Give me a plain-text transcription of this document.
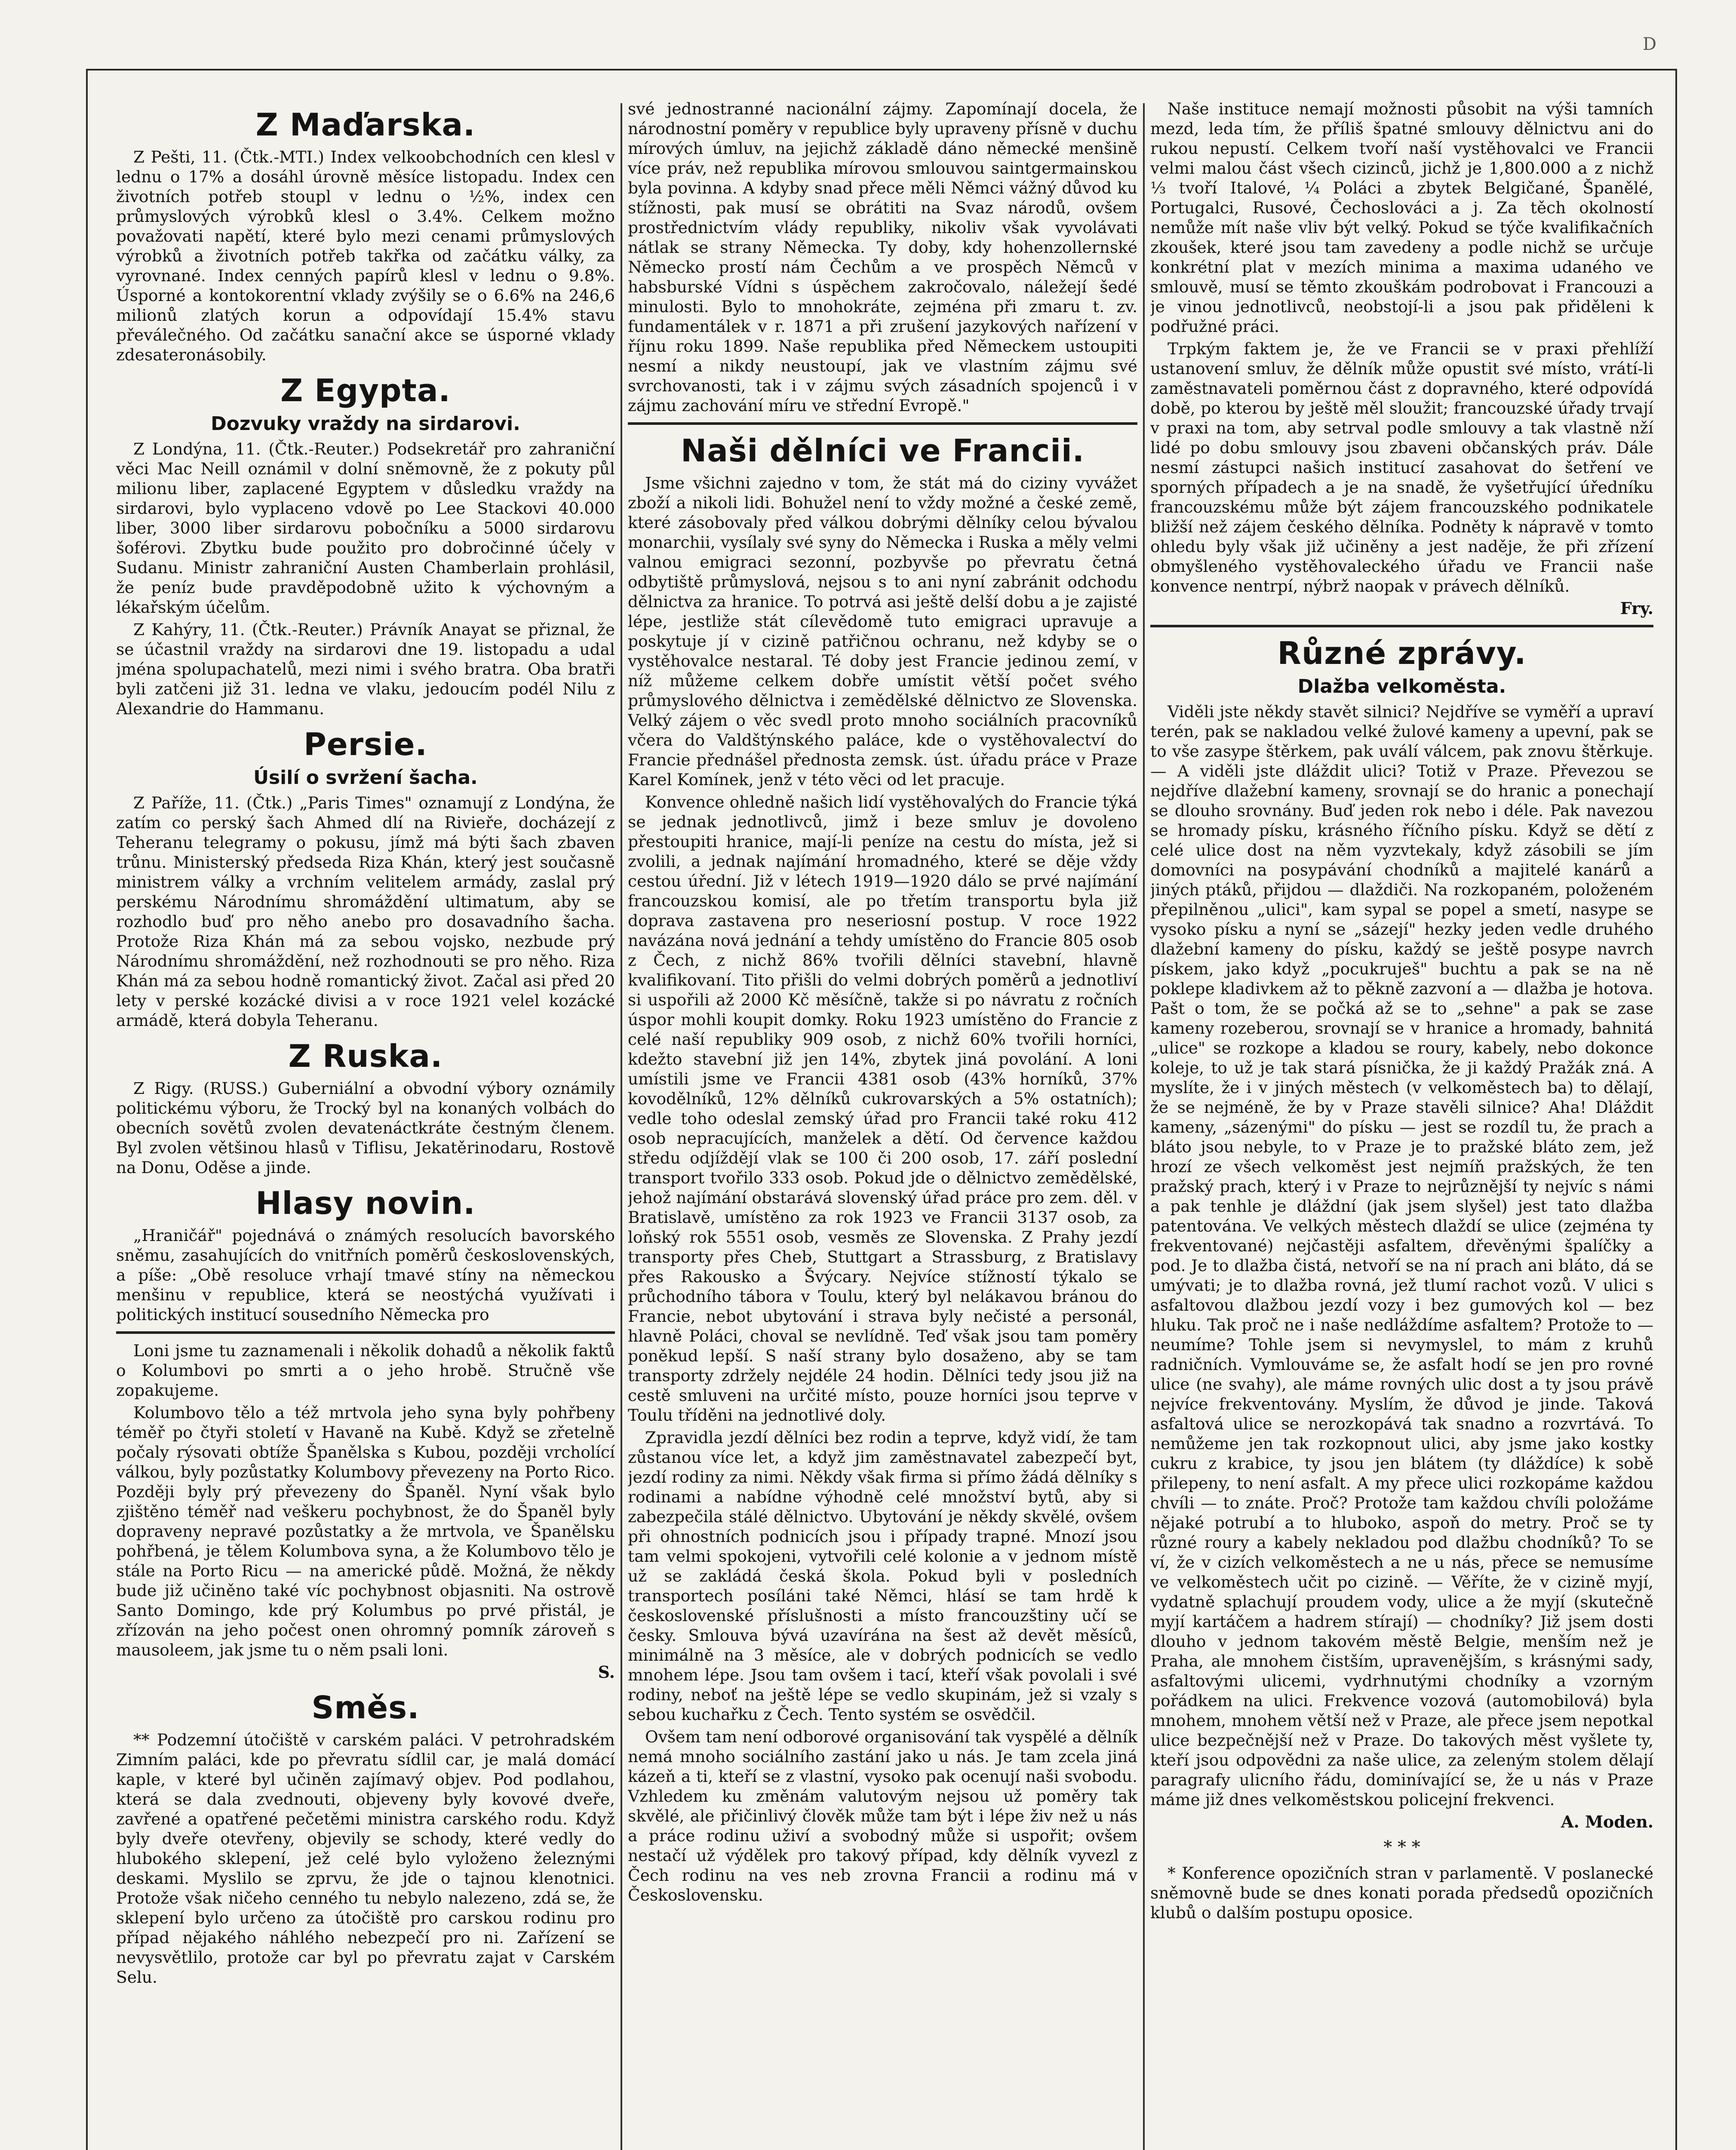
D
Z Maďarska.

Z Pešti, 11. (Čtk.-MTI.) Index velkoobchodních cen klesl v lednu o 17% a dosáhl úrovně měsíce listopadu. Index cen životních potřeb stoupl v lednu o ½%, index cen průmyslových výrobků klesl o 3.4%. Celkem možno považovati napětí, které bylo mezi cenami průmyslových výrobků a životních potřeb takřka od začátku války, za vyrovnané. Index cenných papírů klesl v lednu o 9.8%. Úsporné a kontokorentní vklady zvýšily se o 6.6% na 246,6 milionů zlatých korun a odpovídají 15.4% stavu převálečného. Od začátku sanační akce se úsporné vklady zdesateronásobily.

Z Egypta.
Dozvuky vraždy na sirdarovi.

Z Londýna, 11. (Čtk.-Reuter.) Podsekretář pro zahraniční věci Mac Neill oznámil v dolní sněmovně, že z pokuty půl milionu liber, zaplacené Egyptem v důsledku vraždy na sirdarovi, bylo vyplaceno vdově po Lee Stackovi 40.000 liber, 3000 liber sirdarovu pobočníku a 5000 sirdarovu šoférovi. Zbytku bude použito pro dobročinné účely v Sudanu. Ministr zahraniční Austen Chamberlain prohlásil, že peníz bude pravděpodobně užito k výchovným a lékařským účelům.

Z Kahýry, 11. (Čtk.-Reuter.) Právník Anayat se přiznal, že se účastnil vraždy na sirdarovi dne 19. listopadu a udal jména spolupachatelů, mezi nimi i svého bratra. Oba bratři byli zatčeni již 31. ledna ve vlaku, jedoucím podél Nilu z Alexandrie do Hammanu.

Persie.
Úsilí o svržení šacha.

Z Paříže, 11. (Čtk.) „Paris Times" oznamují z Londýna, že zatím co perský šach Ahmed dlí na Rivieře, docházejí z Teheranu telegramy o pokusu, jímž má býti šach zbaven trůnu. Ministerský předseda Riza Khán, který jest současně ministrem války a vrchním velitelem armády, zaslal prý perskému Národnímu shromáždění ultimatum, aby se rozhodlo buď pro něho anebo pro dosavadního šacha. Protože Riza Khán má za sebou vojsko, nezbude prý Národnímu shromáždění, než rozhodnouti se pro něho. Riza Khán má za sebou hodně romantický život. Začal asi před 20 lety v perské kozácké divisi a v roce 1921 velel kozácké armádě, která dobyla Teheranu.

Z Ruska.

Z Rigy. (RUSS.) Guberniální a obvodní výbory oznámily politickému výboru, že Trocký byl na konaných volbách do obecních sovětů zvolen devatenáctkráte čestným členem. Byl zvolen většinou hlasů v Tiflisu, Jekatěrinodaru, Rostově na Donu, Oděse a jinde.

Hlasy novin.

„Hraničář" pojednává o známých resolucích bavorského sněmu, zasahujících do vnitřních poměrů československých, a píše: „Obě resoluce vrhají tmavé stíny na německou menšinu v republice, která se neostýchá využívati i politických institucí sousedního Německa pro

Loni jsme tu zaznamenali i několik dohadů a několik faktů o Kolumbovi po smrti a o jeho hrobě. Stručně vše zopakujeme.

Kolumbovo tělo a též mrtvola jeho syna byly pohřbeny téměř po čtyři století v Havaně na Kubě. Když se zřetelně počaly rýsovati obtíže Španělska s Kubou, později vrcholící válkou, byly pozůstatky Kolumbovy převezeny na Porto Rico. Později byly prý převezeny do Španěl. Nyní však bylo zjištěno téměř nad veškeru pochybnost, že do Španěl byly dopraveny nepravé pozůstatky a že mrtvola, ve Španělsku pohřbená, je tělem Kolumbova syna, a že Kolumbovo tělo je stále na Porto Ricu — na americké půdě. Možná, že někdy bude již učiněno také víc pochybnost objasniti. Na ostrově Santo Domingo, kde prý Kolumbus po prvé přistál, je zřízován na jeho počest onen ohromný pomník zároveň s mausoleem, jak jsme tu o něm psali loni.

S.
Směs.

** Podzemní útočiště v carském paláci. V petrohradském Zimním paláci, kde po převratu sídlil car, je malá domácí kaple, v které byl učiněn zajímavý objev. Pod podlahou, která se dala zvednouti, objeveny byly kovové dveře, zavřené a opatřené pečetěmi ministra carského rodu. Když byly dveře otevřeny, objevily se schody, které vedly do hlubokého sklepení, jež celé bylo vyloženo železnými deskami. Myslilo se zprvu, že jde o tajnou klenotnici. Protože však ničeho cenného tu nebylo nalezeno, zdá se, že sklepení bylo určeno za útočiště pro carskou rodinu pro případ nějakého náhlého nebezpečí pro ni. Zařízení se nevysvětlilo, protože car byl po převratu zajat v Carském Selu.

své jednostranné nacionální zájmy. Zapomínají docela, že národnostní poměry v republice byly upraveny přísně v duchu mírových úmluv, na jejichž základě dáno německé menšině více práv, než republika mírovou smlouvou saintgermainskou byla povinna. A kdyby snad přece měli Němci vážný důvod ku stížnosti, pak musí se obrátiti na Svaz národů, ovšem prostřednictvím vlády republiky, nikoliv však vyvolávati nátlak se strany Německa. Ty doby, kdy hohenzollernské Německo prostí nám Čechům a ve prospěch Němců v habsburské Vídni s úspěchem zakročovalo, náležejí šedé minulosti. Bylo to mnohokráte, zejména při zmaru t. zv. fundamentálek v r. 1871 a při zrušení jazykových nařízení v říjnu roku 1899. Naše republika před Německem ustoupiti nesmí a nikdy neustoupí, jak ve vlastním zájmu své svrchovanosti, tak i v zájmu svých zásadních spojenců i v zájmu zachování míru ve střední Evropě."

Naši dělníci ve Francii.

Jsme všichni zajedno v tom, že stát má do ciziny vyvážet zboží a nikoli lidi. Bohužel není to vždy možné a české země, které zásobovaly před válkou dobrými dělníky celou bývalou monarchii, vysílaly své syny do Německa i Ruska a měly velmi valnou emigraci sezonní, pozbyvše po převratu četná odbytiště průmyslová, nejsou s to ani nyní zabránit odchodu dělnictva za hranice. To potrvá asi ještě delší dobu a je zajisté lépe, jestliže stát cílevědomě tuto emigraci upravuje a poskytuje jí v cizině patřičnou ochranu, než kdyby se o vystěhovalce nestaral. Té doby jest Francie jedinou zemí, v níž můžeme celkem dobře umístit větší počet svého průmyslového dělnictva i zemědělské dělnictvo ze Slovenska. Velký zájem o věc svedl proto mnoho sociálních pracovníků včera do Valdštýnského paláce, kde o vystěhovalectví do Francie přednášel přednosta zemsk. úst. úřadu práce v Praze Karel Komínek, jenž v této věci od let pracuje.

Konvence ohledně našich lidí vystěhovalých do Francie týká se jednak jednotlivců, jimž i beze smluv je dovoleno přestoupiti hranice, mají-li peníze na cestu do místa, jež si zvolili, a jednak najímání hromadného, které se děje vždy cestou úřední. Již v létech 1919—1920 dálo se prvé najímání francouzskou komisí, ale po třetím transportu byla již doprava zastavena pro neseriosní postup. V roce 1922 navázána nová jednání a tehdy umístěno do Francie 805 osob z Čech, z nichž 86% tvořili dělníci stavební, hlavně kvalifikovaní. Tito přišli do velmi dobrých poměrů a jednotliví si uspořili až 2000 Kč měsíčně, takže si po návratu z ročních úspor mohli koupit domky. Roku 1923 umístěno do Francie z celé naší republiky 909 osob, z nichž 60% tvořili horníci, kdežto stavební již jen 14%, zbytek jiná povolání. A loni umístili jsme ve Francii 4381 osob (43% horníků, 37% kovodělníků, 12% dělníků cukrovarských a 5% ostatních); vedle toho odeslal zemský úřad pro Francii také roku 412 osob nepracujících, manželek a dětí. Od července každou středu odjíždějí vlak se 100 či 200 osob, 17. září poslední transport tvořilo 333 osob. Pokud jde o dělnictvo zemědělské, jehož najímání obstarává slovenský úřad práce pro zem. děl. v Bratislavě, umístěno za rok 1923 ve Francii 3137 osob, za loňský rok 5551 osob, vesměs ze Slovenska. Z Prahy jezdí transporty přes Cheb, Stuttgart a Strassburg, z Bratislavy přes Rakousko a Švýcary. Nejvíce stížností týkalo se průchodního tábora v Toulu, který byl nelákavou bránou do Francie, nebot ubytování i strava byly nečisté a personál, hlavně Poláci, choval se nevlídně. Teď však jsou tam poměry poněkud lepší. S naší strany bylo dosaženo, aby se tam transporty zdržely nejdéle 24 hodin. Dělníci tedy jsou již na cestě smluveni na určité místo, pouze horníci jsou teprve v Toulu tříděni na jednotlivé doly.

Zpravidla jezdí dělníci bez rodin a teprve, když vidí, že tam zůstanou více let, a když jim zaměstnavatel zabezpečí byt, jezdí rodiny za nimi. Někdy však firma si přímo žádá dělníky s rodinami a nabídne výhodně celé množství bytů, aby si zabezpečila stálé dělnictvo. Ubytování je někdy skvělé, ovšem při ohnostních podnicích jsou i případy trapné. Mnozí jsou tam velmi spokojeni, vytvořili celé kolonie a v jednom místě už se zakládá česká škola. Pokud byli v posledních transportech posíláni také Němci, hlásí se tam hrdě k československé příslušnosti a místo francouzštiny učí se česky. Smlouva bývá uzavírána na šest až devět měsíců, minimálně na 3 měsíce, ale v dobrých podnicích se vedlo mnohem lépe. Jsou tam ovšem i tací, kteří však povolali i své rodiny, neboť na ještě lépe se vedlo skupinám, jež si vzaly s sebou kuchařku z Čech. Tento systém se osvědčil.

Ovšem tam není odborové organisování tak vyspělé a dělník nemá mnoho sociálního zastání jako u nás. Je tam zcela jiná kázeň a ti, kteří se z vlastní, vysoko pak ocenují naši svobodu. Vzhledem ku změnám valutovým nejsou už poměry tak skvělé, ale přičinlivý člověk může tam být i lépe živ než u nás a práce rodinu uživí a svobodný může si uspořit; ovšem nestačí už výdělek pro takový případ, kdy dělník vyvezl z Čech rodinu na ves neb zrovna Francii a rodinu má v Československu.

Naše instituce nemají možnosti působit na výši tamních mezd, leda tím, že příliš špatné smlouvy dělnictvu ani do rukou nepustí. Celkem tvoří naší vystěhovalci ve Francii velmi malou část všech cizinců, jichž je 1,800.000 a z nichž ⅓ tvoří Italové, ¼ Poláci a zbytek Belgičané, Španělé, Portugalci, Rusové, Čechoslováci a j. Za těch okolností nemůže mít naše vliv být velký. Pokud se týče kvalifikačních zkoušek, které jsou tam zavedeny a podle nichž se určuje konkrétní plat v mezích minima a maxima udaného ve smlouvě, musí se těmto zkouškám podrobovat i Francouzi a je vinou jednotlivců, neobstojí-li a jsou pak přiděleni k podřužné práci.

Trpkým faktem je, že ve Francii se v praxi přehlíží ustanovení smluv, že dělník může opustit své místo, vrátí-li zaměstnavateli poměrnou část z dopravného, které odpovídá době, po kterou by ještě měl sloužit; francouzské úřady trvají v praxi na tom, aby setrval podle smlouvy a tak vlastně nží lidé po dobu smlouvy jsou zbaveni občanských práv. Dále nesmí zástupci našich institucí zasahovat do šetření ve sporných případech a je na snadě, že vyšetřující úředníku francouzskému může být zájem francouzského podnikatele bližší než zájem českého dělníka. Podněty k nápravě v tomto ohledu byly však již učiněny a jest naděje, že při zřízení obmyšleného vystěhovaleckého úřadu ve Francii naše konvence nentrpí, nýbrž naopak v právech dělníků.

Fry.
Různé zprávy.
Dlažba velkoměsta.

Viděli jste někdy stavět silnici? Nejdříve se vyměří a upraví terén, pak se nakladou velké žulové kameny a upevní, pak se to vše zasype štěrkem, pak uválí válcem, pak znovu štěrkuje. — A viděli jste dláždit ulici? Totiž v Praze. Převezou se nejdříve dlažební kameny, srovnají se do hranic a ponechají se dlouho srovnány. Buď jeden rok nebo i déle. Pak navezou se hromady písku, krásného říčního písku. Když se dětí z celé ulice dost na něm vyzvtekaly, když zásobili se jím domovníci na posypávání chodníků a majitelé kanárů a jiných ptáků, přijdou — dlaždiči. Na rozkopaném, položeném přepilněnou „ulici", kam sypal se popel a smetí, nasype se vysoko písku a nyní se „sázejí" hezky jeden vedle druhého dlažební kameny do písku, každý se ještě posype navrch pískem, jako když „pocukruješ" buchtu a pak se na ně poklepe kladivkem až to pěkně zazvoní a — dlažba je hotova. Pašt o tom, že se počká až se to „sehne" a pak se zase kameny rozeberou, srovnají se v hranice a hromady, bahnitá „ulice" se rozkope a kladou se roury, kabely, nebo dokonce koleje, to už je tak stará písnička, že ji každý Pražák zná. A myslíte, že i v jiných městech (v velkoměstech ba) to dělají, že se nejméně, že by v Praze stavěli silnice? Aha! Dláždit kameny, „sázenými" do písku — jest se rozdíl tu, že prach a bláto jsou nebyle, to v Praze je to pražské bláto zem, jež hrozí ze všech velkoměst jest nejmíň pražských, že ten pražský prach, který i v Praze to nejrůznější ty nejvíc s námi a pak tenhle je dláždní (jak jsem slyšel) jest tato dlažba patentována. Ve velkých městech dlaždí se ulice (zejména ty frekventované) nejčastěji asfaltem, dřevěnými špalíčky a pod. Je to dlažba čistá, netvoří se na ní prach ani bláto, dá se umývati; je to dlažba rovná, jež tlumí rachot vozů. V ulici s asfaltovou dlažbou jezdí vozy i bez gumových kol — bez hluku. Tak proč ne i naše nedláždíme asfaltem? Protože to — neumíme? Tohle jsem si nevymyslel, to mám z kruhů radničních. Vymlouváme se, že asfalt hodí se jen pro rovné ulice (ne svahy), ale máme rovných ulic dost a ty jsou právě nejvíce frekventovány. Myslím, že důvod je jinde. Taková asfaltová ulice se nerozkopává tak snadno a rozvrtává. To nemůžeme jen tak rozkopnout ulici, aby jsme jako kostky cukru z krabice, ty jsou jen blátem (ty dláždíce) k sobě přilepeny, to není asfalt. A my přece ulici rozkopáme každou chvíli — to znáte. Proč? Protože tam každou chvíli položáme nějaké potrubí a to hluboko, aspoň do metry. Proč se ty různé roury a kabely nekladou pod dlažbu chodníků? To se ví, že v cizích velkoměstech a ne u nás, přece se nemusíme ve velkoměstech učit po cizině. — Věříte, že v cizině myjí, vydatně splachují proudem vody, ulice a že myjí (skutečně myjí kartáčem a hadrem stírají) — chodníky? Již jsem dosti dlouho v jednom takovém městě Belgie, menším než je Praha, ale mnohem čistším, upravenějším, s krásnými sady, asfaltovými ulicemi, vydrhnutými chodníky a vzorným pořádkem na ulici. Frekvence vozová (automobilová) byla mnohem, mnohem větší než v Praze, ale přece jsem nepotkal ulice bezpečnější než v Praze. Do takových měst vyšlete ty, kteří jsou odpovědni za naše ulice, za zeleným stolem dělají paragrafy ulicního řádu, dominívající se, že u nás v Praze máme již dnes velkoměstskou policejní frekvenci.

A. Moden.
* * *

* Konference opozičních stran v parlamentě. V poslanecké sněmovně bude se dnes konati porada předsedů opozičních klubů o dalším postupu oposice.
